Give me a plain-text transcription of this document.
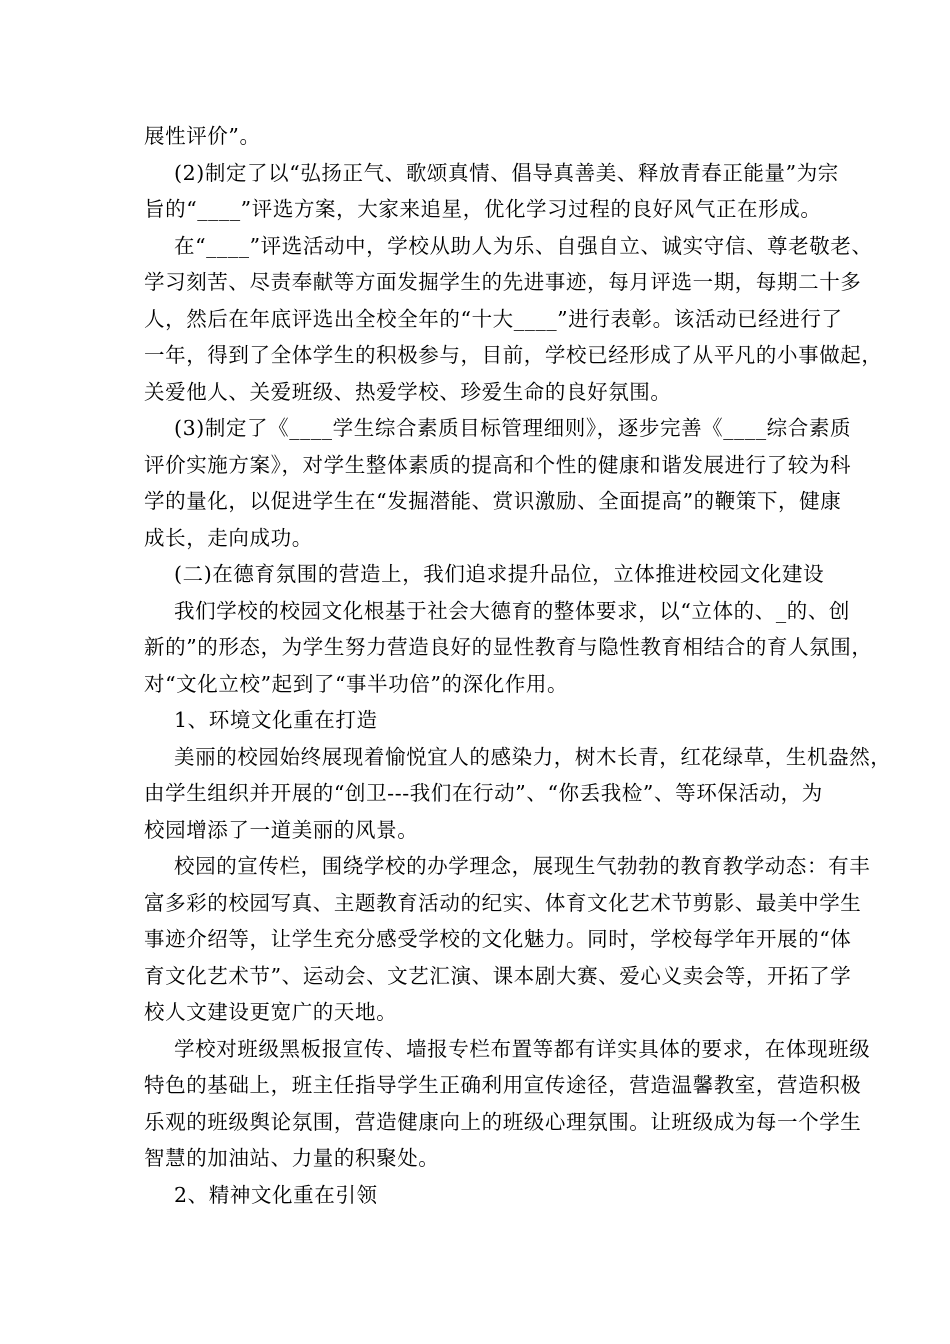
展性评价”。
(2)制定了以“弘扬正气、歌颂真情、倡导真善美、释放青春正能量”为宗
旨的“____”评选方案，大家来追星，优化学习过程的良好风气正在形成。
在“____”评选活动中，学校从助人为乐、自强自立、诚实守信、尊老敬老、
学习刻苦、尽责奉献等方面发掘学生的先进事迹，每月评选一期，每期二十多
人，然后在年底评选出全校全年的“十大____”进行表彰。该活动已经进行了
一年，得到了全体学生的积极参与，目前，学校已经形成了从平凡的小事做起，
关爱他人、关爱班级、热爱学校、珍爱生命的良好氛围。
(3)制定了《____学生综合素质目标管理细则》，逐步完善《____综合素质
评价实施方案》，对学生整体素质的提高和个性的健康和谐发展进行了较为科
学的量化，以促进学生在“发掘潜能、赏识激励、全面提高”的鞭策下，健康
成长，走向成功。
(二)在德育氛围的营造上，我们追求提升品位，立体推进校园文化建设
我们学校的校园文化根基于社会大德育的整体要求，以“立体的、_的、创
新的”的形态，为学生努力营造良好的显性教育与隐性教育相结合的育人氛围，
对“文化立校”起到了“事半功倍”的深化作用。
1、环境文化重在打造
美丽的校园始终展现着愉悦宜人的感染力，树木长青，红花绿草，生机盎然，
由学生组织并开展的“创卫---我们在行动”、“你丢我检”、等环保活动，为
校园增添了一道美丽的风景。
校园的宣传栏，围绕学校的办学理念，展现生气勃勃的教育教学动态：有丰
富多彩的校园写真、主题教育活动的纪实、体育文化艺术节剪影、最美中学生
事迹介绍等，让学生充分感受学校的文化魅力。同时，学校每学年开展的“体
育文化艺术节”、运动会、文艺汇演、课本剧大赛、爱心义卖会等，开拓了学
校人文建设更宽广的天地。
学校对班级黑板报宣传、墙报专栏布置等都有详实具体的要求，在体现班级
特色的基础上，班主任指导学生正确利用宣传途径，营造温馨教室，营造积极
乐观的班级舆论氛围，营造健康向上的班级心理氛围。让班级成为每一个学生
智慧的加油站、力量的积聚处。
2、精神文化重在引领
